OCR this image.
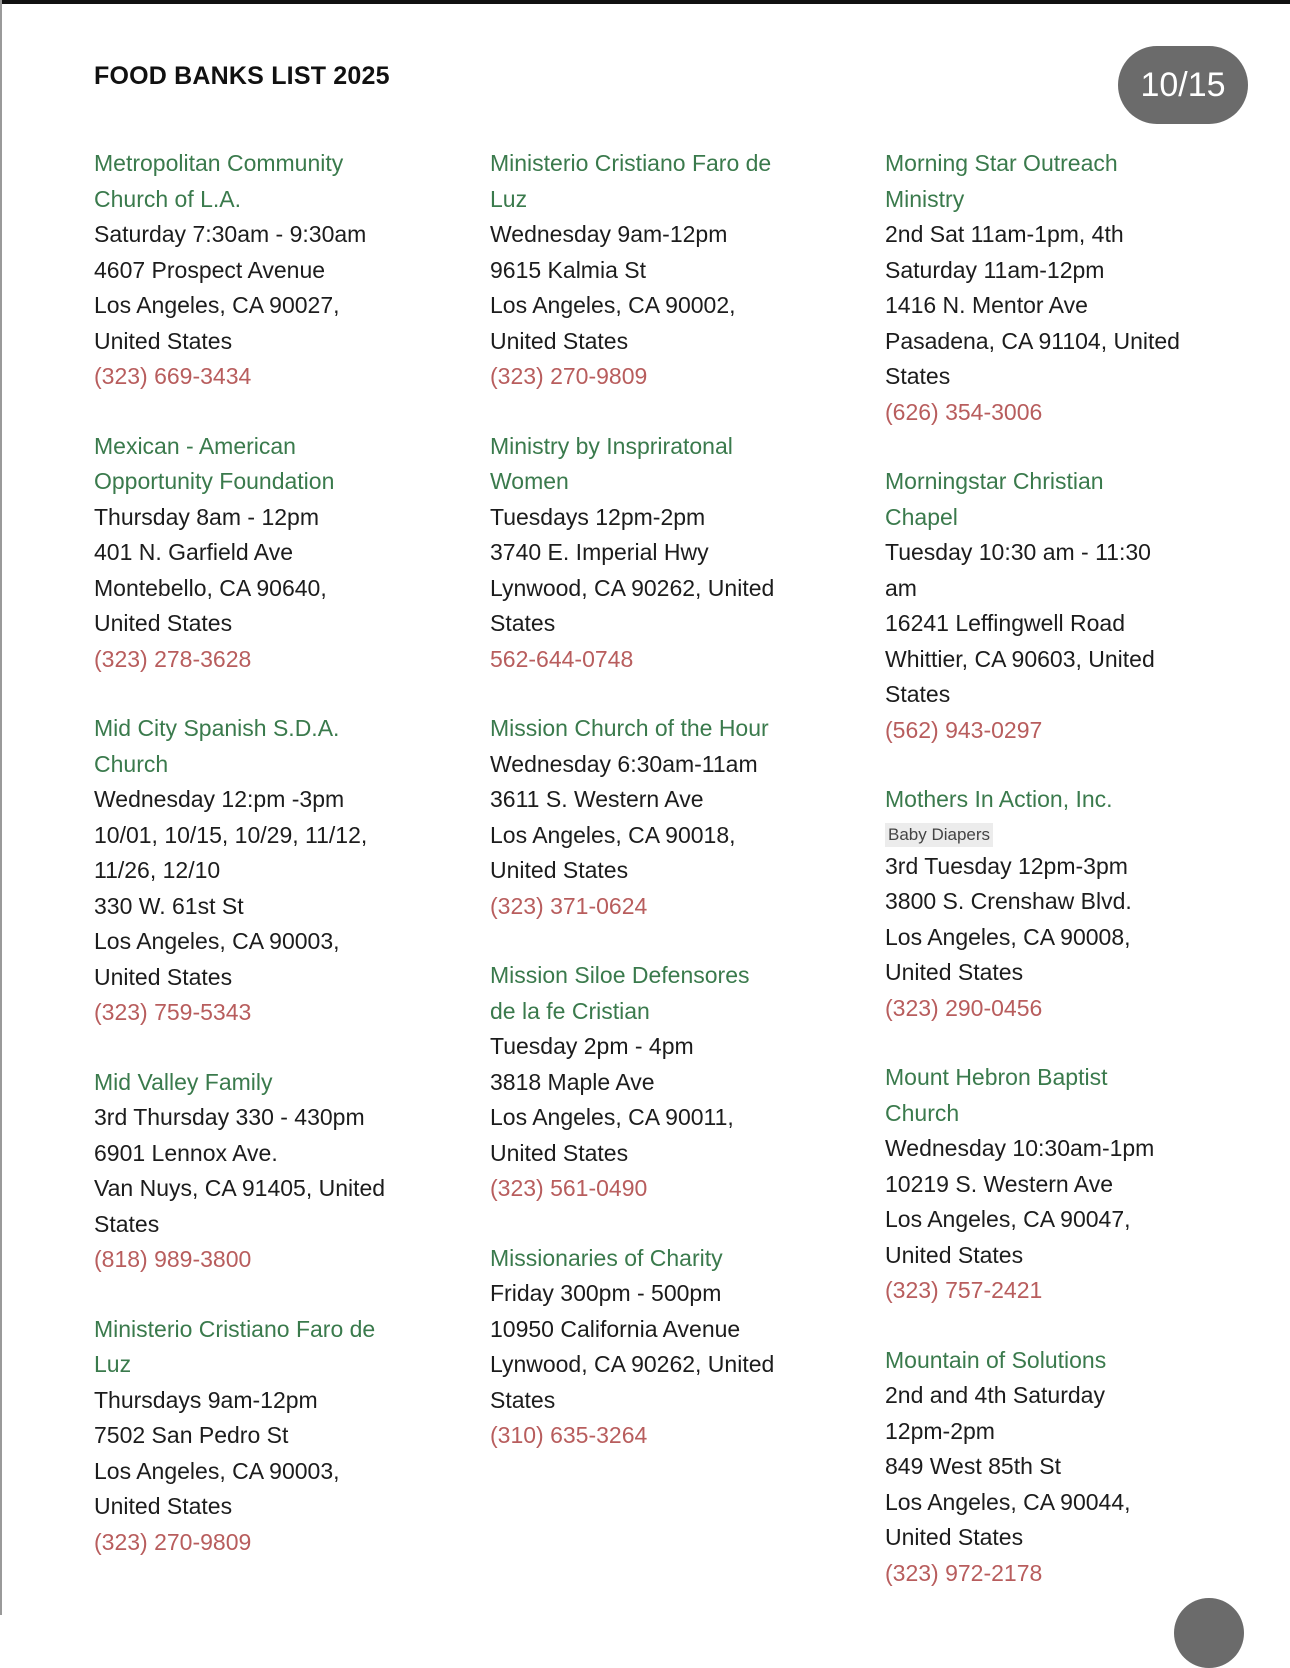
FOOD BANKS LIST 2025	10/15
Metropolitan Community
Church of L.A.
Saturday 7:30am - 9:30am
4607 Prospect Avenue
Los Angeles, CA 90027,
United States
(323) 669-3434
Mexican - American
Opportunity Foundation
Thursday 8am - 12pm
401 N. Garfield Ave
Montebello, CA 90640,
United States
(323) 278-3628
Mid City Spanish S.D.A.
Church
Wednesday 12:pm -3pm
10/01, 10/15, 10/29, 11/12,
11/26, 12/10
330 W. 61st St
Los Angeles, CA 90003,
United States
(323) 759-5343
Mid Valley Family
3rd Thursday 330 - 430pm
6901 Lennox Ave.
Van Nuys, CA 91405, United
States
(818) 989-3800
Ministerio Cristiano Faro de
Luz
Thursdays 9am-12pm
7502 San Pedro St
Los Angeles, CA 90003,
United States
(323) 270-9809
Ministerio Cristiano Faro de
Luz
Wednesday 9am-12pm
9615 Kalmia St
Los Angeles, CA 90002,
United States
(323) 270-9809
Ministry by Inspriratonal
Women
Tuesdays 12pm-2pm
3740 E. Imperial Hwy
Lynwood, CA 90262, United
States
562-644-0748
Mission Church of the Hour
Wednesday 6:30am-11am
3611 S. Western Ave
Los Angeles, CA 90018,
United States
(323) 371-0624
Mission Siloe Defensores
de la fe Cristian
Tuesday 2pm - 4pm
3818 Maple Ave
Los Angeles, CA 90011,
United States
(323) 561-0490
Missionaries of Charity
Friday 300pm - 500pm
10950 California Avenue
Lynwood, CA 90262, United
States
(310) 635-3264
Morning Star Outreach
Ministry
2nd Sat 11am-1pm, 4th
Saturday 11am-12pm
1416 N. Mentor Ave
Pasadena, CA 91104, United
States
(626) 354-3006
Morningstar Christian
Chapel
Tuesday 10:30 am - 11:30
am
16241 Leffingwell Road
Whittier, CA 90603, United
States
(562) 943-0297
Mothers In Action, Inc.
Baby Diapers
3rd Tuesday 12pm-3pm
3800 S. Crenshaw Blvd.
Los Angeles, CA 90008,
United States
(323) 290-0456
Mount Hebron Baptist
Church
Wednesday 10:30am-1pm
10219 S. Western Ave
Los Angeles, CA 90047,
United States
(323) 757-2421
Mountain of Solutions
2nd and 4th Saturday
12pm-2pm
849 West 85th St
Los Angeles, CA 90044,
United States
(323) 972-2178
